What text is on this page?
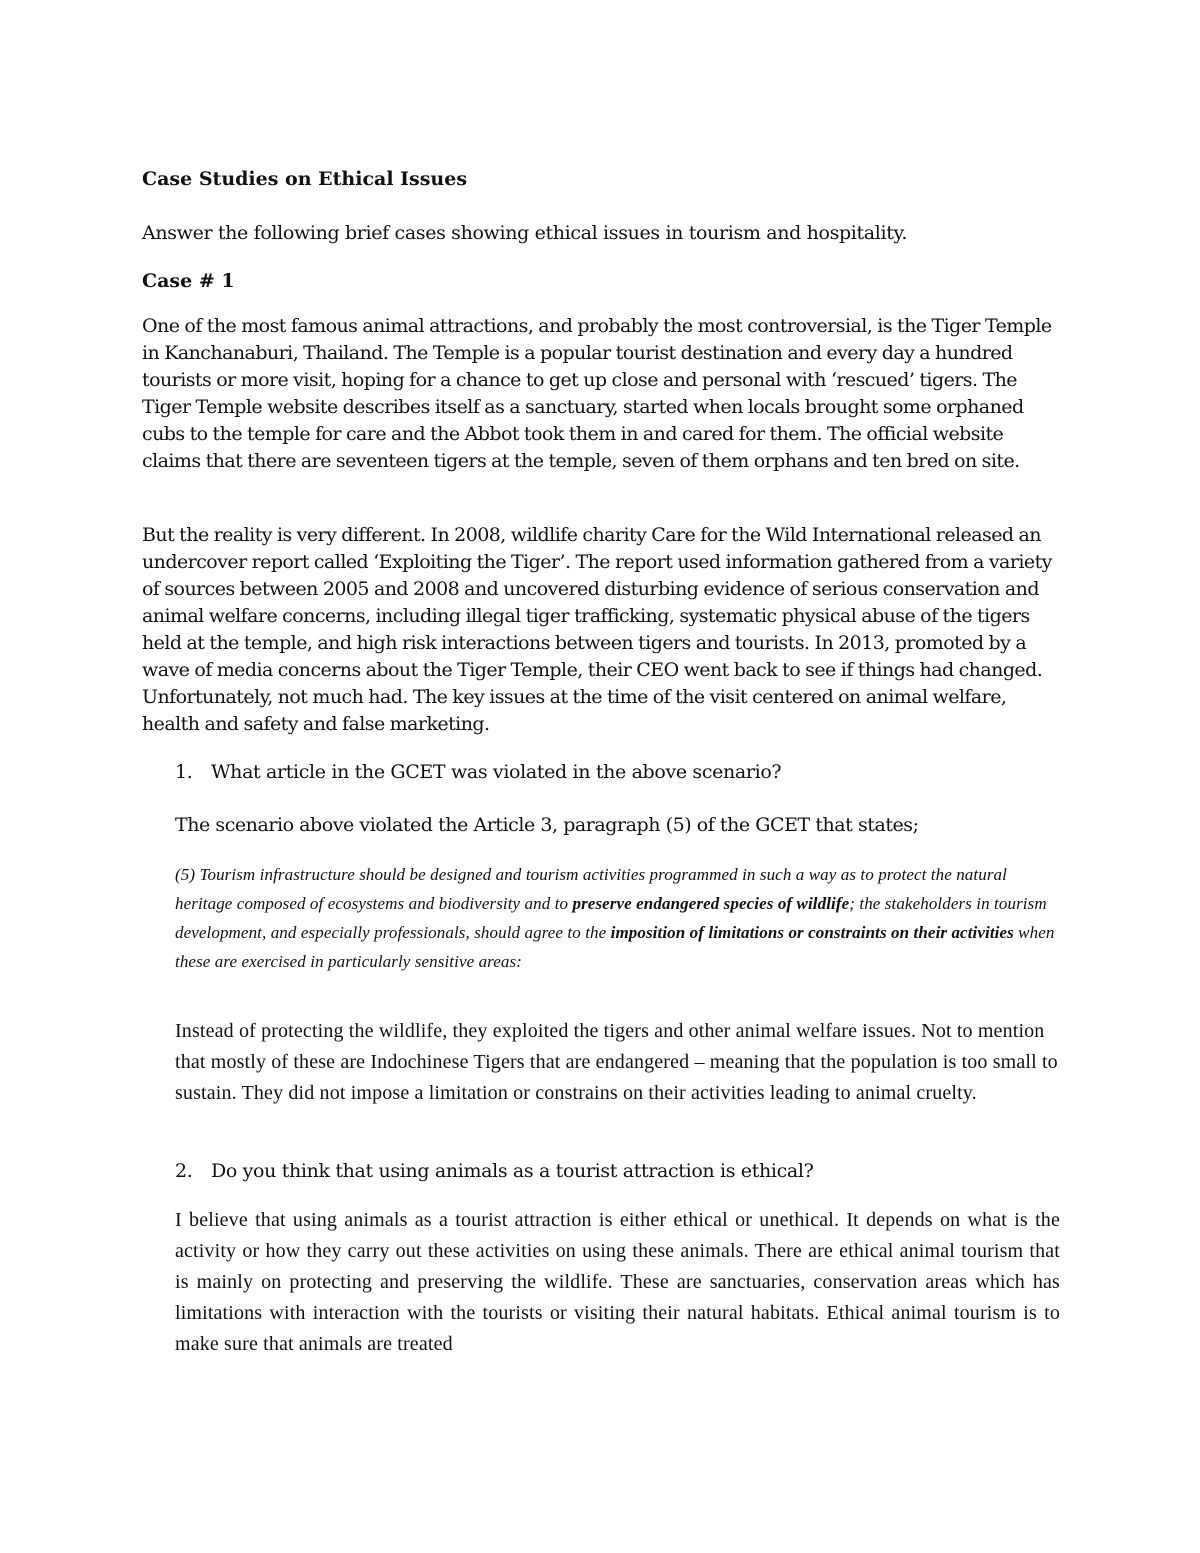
Case Studies on Ethical Issues
Answer the following brief cases showing ethical issues in tourism and hospitality.
Case # 1

One of the most famous animal attractions, and probably the most controversial, is the Tiger Temple in Kanchanaburi, Thailand. The Temple is a popular tourist destination and every day a hundred tourists or more visit, hoping for a chance to get up close and personal with ‘rescued’ tigers. The Tiger Temple website describes itself as a sanctuary, started when locals brought some orphaned cubs to the temple for care and the Abbot took them in and cared for them. The official website claims that there are seventeen tigers at the temple, seven of them orphans and ten bred on site.

But the reality is very different. In 2008, wildlife charity Care for the Wild International released an undercover report called ‘Exploiting the Tiger’. The report used information gathered from a variety of sources between 2005 and 2008 and uncovered disturbing evidence of serious conservation and animal welfare concerns, including illegal tiger trafficking, systematic physical abuse of the tigers held at the temple, and high risk interactions between tigers and tourists. In 2013, promoted by a wave of media concerns about the Tiger Temple, their CEO went back to see if things had changed. Unfortunately, not much had. The key issues at the time of the visit centered on animal welfare, health and safety and false marketing.

1. What article in the GCET was violated in the above scenario?
The scenario above violated the Article 3, paragraph (5) of the GCET that states;

(5) Tourism infrastructure should be designed and tourism activities programmed in such a way as to protect the natural heritage composed of ecosystems and biodiversity and to preserve endangered species of wildlife; the stakeholders in tourism development, and especially professionals, should agree to the imposition of limitations or constraints on their activities when these are exercised in particularly sensitive areas:

Instead of protecting the wildlife, they exploited the tigers and other animal welfare issues. Not to mention that mostly of these are Indochinese Tigers that are endangered – meaning that the population is too small to sustain. They did not impose a limitation or constrains on their activities leading to animal cruelty.

2. Do you think that using animals as a tourist attraction is ethical?

I believe that using animals as a tourist attraction is either ethical or unethical. It depends on what is the activity or how they carry out these activities on using these animals. There are ethical animal tourism that is mainly on protecting and preserving the wildlife. These are sanctuaries, conservation areas which has limitations with interaction with the tourists or visiting their natural habitats. Ethical animal tourism is to make sure that animals are treated
